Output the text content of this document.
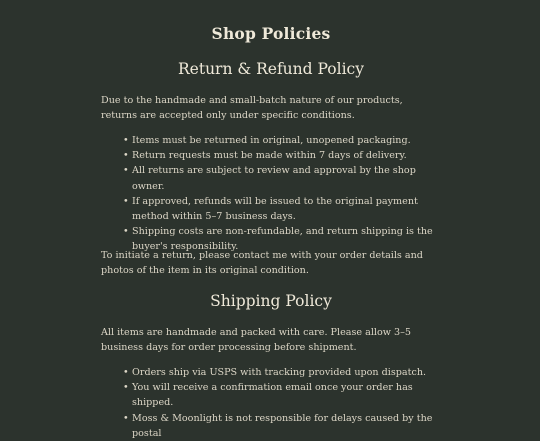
Shop Policies
Return & Refund Policy

Due to the handmade and small-batch nature of our products, returns are accepted only under specific conditions.

• Items must be returned in original, unopened packaging.
• Return requests must be made within 7 days of delivery.
• All returns are subject to review and approval by the shop owner.
• If approved, refunds will be issued to the original payment method within 5–7 business days.
• Shipping costs are non-refundable, and return shipping is the buyer's responsibility.

To initiate a return, please contact me with your order details and photos of the item in its original condition.

Shipping Policy

All items are handmade and packed with care. Please allow 3–5 business days for order processing before shipment.

• Orders ship via USPS with tracking provided upon dispatch.
• You will receive a confirmation email once your order has shipped.
• Moss & Moonlight is not responsible for delays caused by the postal
